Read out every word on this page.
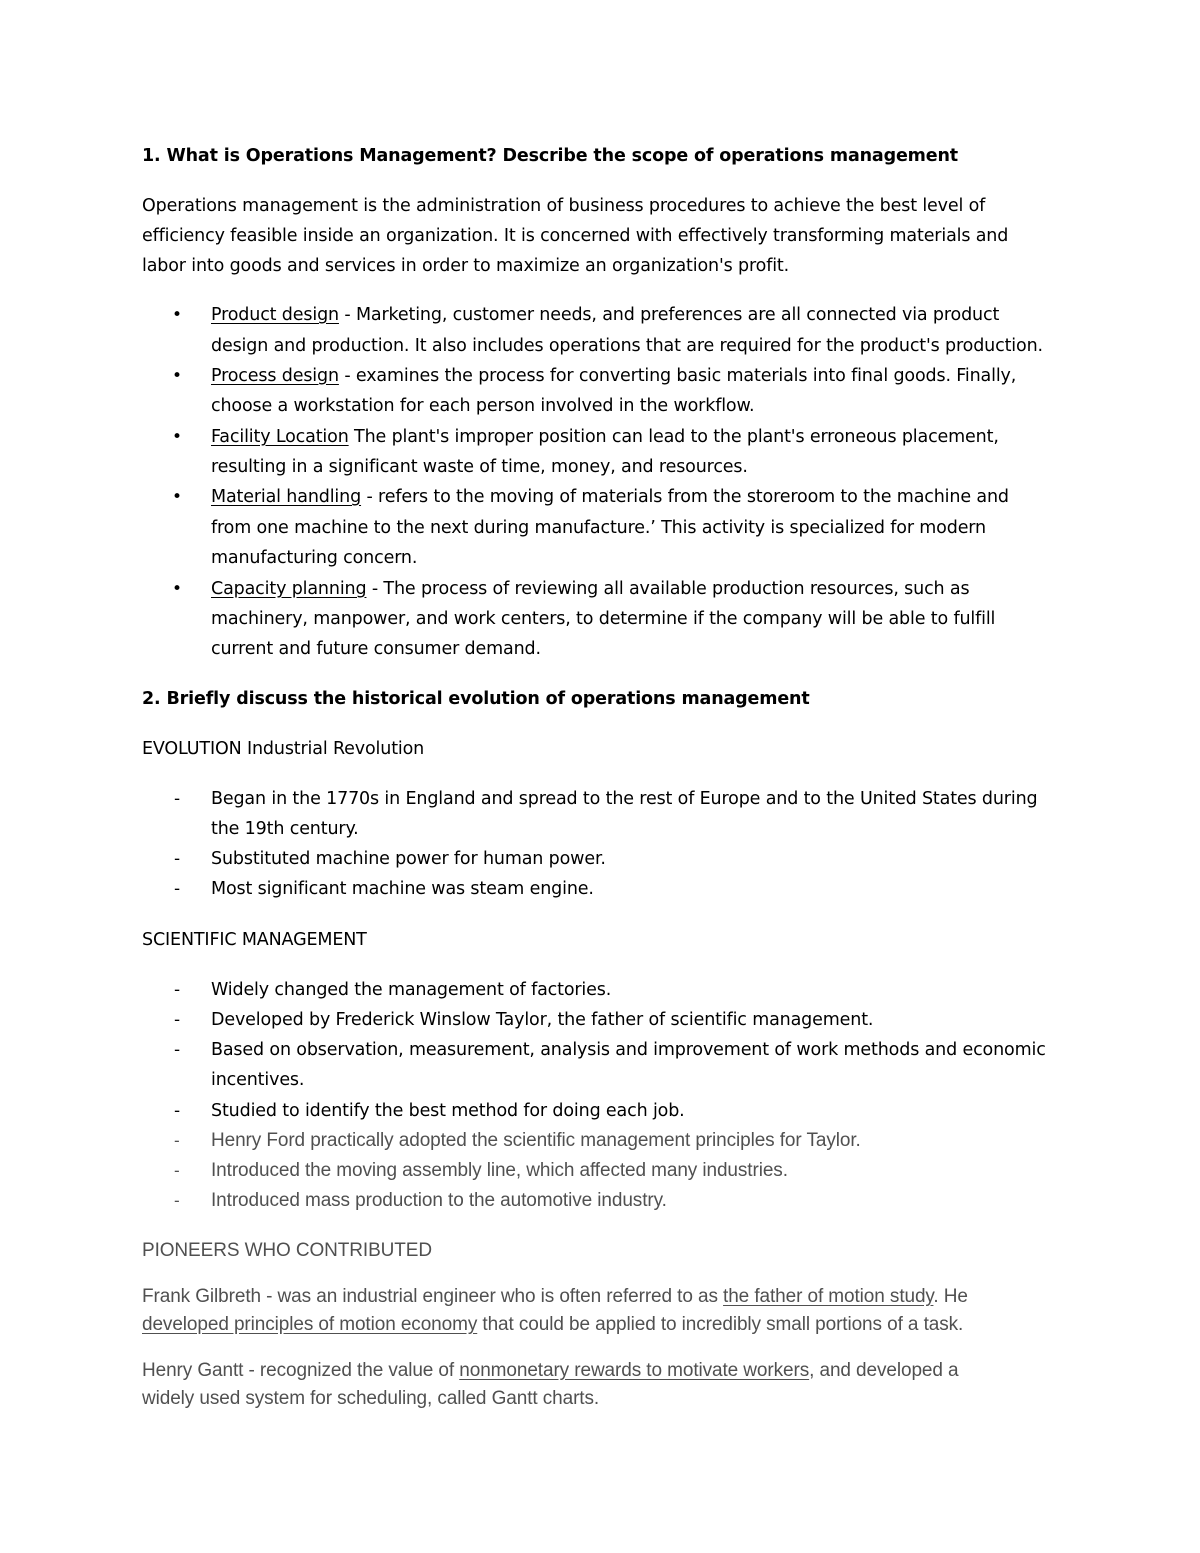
1. What is Operations Management? Describe the scope of operations management
Operations management is the administration of business procedures to achieve the best level of
efficiency feasible inside an organization. It is concerned with effectively transforming materials and
labor into goods and services in order to maximize an organization's profit.
• Product design - Marketing, customer needs, and preferences are all connected via product
design and production. It also includes operations that are required for the product's production.
• Process design - examines the process for converting basic materials into final goods. Finally,
choose a workstation for each person involved in the workflow.
• Facility Location The plant's improper position can lead to the plant's erroneous placement,
resulting in a significant waste of time, money, and resources.
• Material handling - refers to the moving of materials from the storeroom to the machine and
from one machine to the next during manufacture.’ This activity is specialized for modern
manufacturing concern.
• Capacity planning - The process of reviewing all available production resources, such as
machinery, manpower, and work centers, to determine if the company will be able to fulfill
current and future consumer demand.
2. Briefly discuss the historical evolution of operations management
EVOLUTION Industrial Revolution
- Began in the 1770s in England and spread to the rest of Europe and to the United States during
the 19th century.
- Substituted machine power for human power.
- Most significant machine was steam engine.
SCIENTIFIC MANAGEMENT
- Widely changed the management of factories.
- Developed by Frederick Winslow Taylor, the father of scientific management.
- Based on observation, measurement, analysis and improvement of work methods and economic
incentives.
- Studied to identify the best method for doing each job.
- Henry Ford practically adopted the scientific management principles for Taylor.
- Introduced the moving assembly line, which affected many industries.
- Introduced mass production to the automotive industry.
PIONEERS WHO CONTRIBUTED
Frank Gilbreth - was an industrial engineer who is often referred to as the father of motion study. He
developed principles of motion economy that could be applied to incredibly small portions of a task.
Henry Gantt - recognized the value of nonmonetary rewards to motivate workers, and developed a
widely used system for scheduling, called Gantt charts.
